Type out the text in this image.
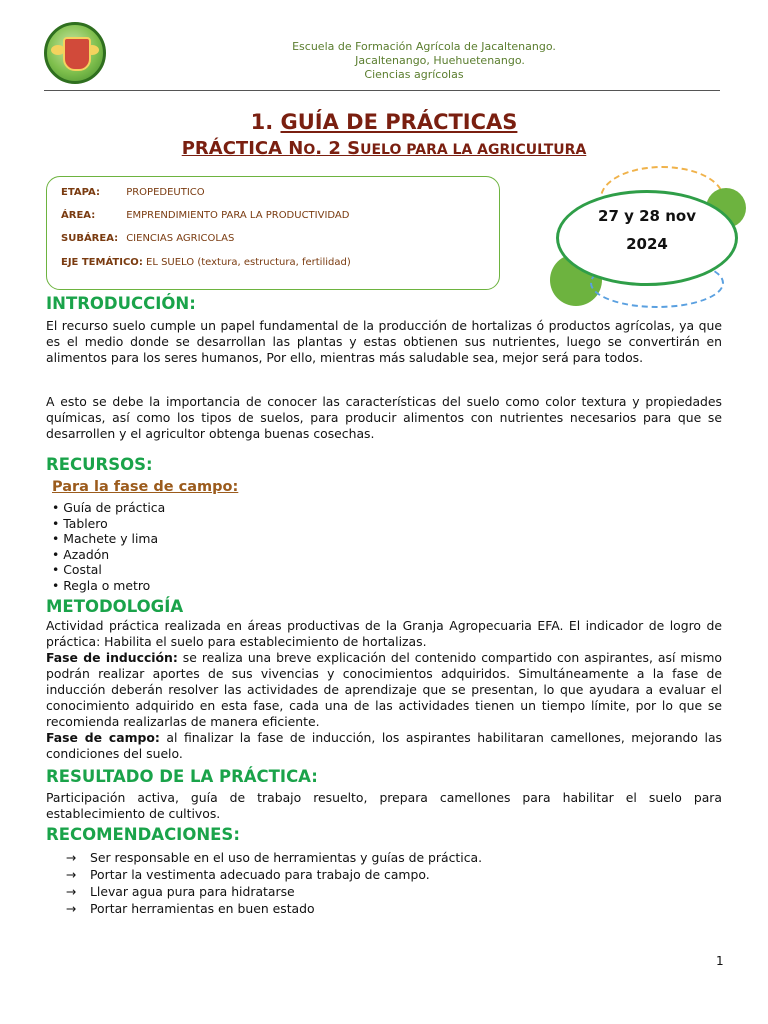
Escuela de Formación Agrícola de Jacaltenango.
Jacaltenango, Huehuetenango.
Ciencias agrícolas
1. GUÍA DE PRÁCTICAS
PRÁCTICA NO. 2 SUELO PARA LA AGRICULTURA
ETAPA:	PROPEDEUTICO
ÁREA:	EMPRENDIMIENTO PARA LA PRODUCTIVIDAD
SUBÁREA: CIENCIAS AGRICOLAS
EJE TEMÁTICO: EL SUELO (textura, estructura, fertilidad)
27 y 28 nov
2024
INTRODUCCIÓN:
El recurso suelo cumple un papel fundamental de la producción de hortalizas ó productos agrícolas, ya que es el medio donde se desarrollan las plantas y estas obtienen sus nutrientes, luego se convertirán en alimentos para los seres humanos, Por ello, mientras más saludable sea, mejor será para todos.
A esto se debe la importancia de conocer las características del suelo como color textura y propiedades químicas, así como los tipos de suelos, para producir alimentos con nutrientes necesarios para que se desarrollen y el agricultor obtenga buenas cosechas.
RECURSOS:
Para la fase de campo:
• Guía de práctica
• Tablero
• Machete y lima
• Azadón
• Costal
• Regla o metro
METODOLOGÍA
Actividad práctica realizada en áreas productivas de la Granja Agropecuaria EFA. El indicador de logro de práctica: Habilita el suelo para establecimiento de hortalizas.
Fase de inducción: se realiza una breve explicación del contenido compartido con aspirantes, así mismo podrán realizar aportes de sus vivencias y conocimientos adquiridos. Simultáneamente a la fase de inducción deberán resolver las actividades de aprendizaje que se presentan, lo que ayudara a evaluar el conocimiento adquirido en esta fase, cada una de las actividades tienen un tiempo límite, por lo que se recomienda realizarlas de manera eficiente.
Fase de campo: al finalizar la fase de inducción, los aspirantes habilitaran camellones, mejorando las condiciones del suelo.
RESULTADO DE LA PRÁCTICA:
Participación activa, guía de trabajo resuelto, prepara camellones para habilitar el suelo para establecimiento de cultivos.
RECOMENDACIONES:
→ Ser responsable en el uso de herramientas y guías de práctica.
→ Portar la vestimenta adecuado para trabajo de campo.
→ Llevar agua pura para hidratarse
→ Portar herramientas en buen estado
1
